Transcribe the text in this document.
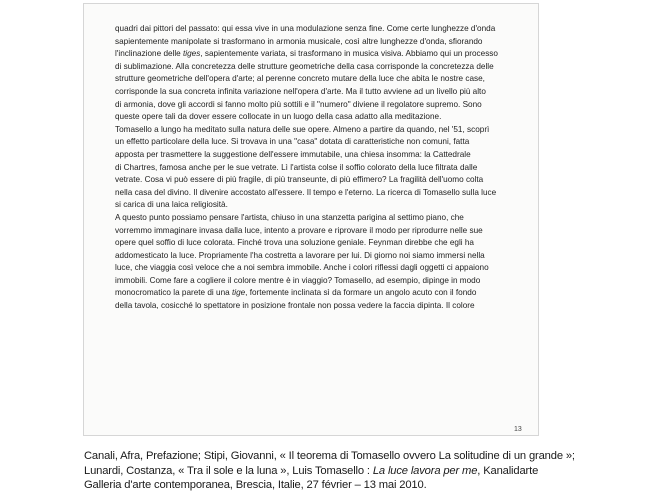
quadri dai pittori del passato: qui essa vive in una modulazione senza fine. Come certe lunghezze d'onda
sapientemente manipolate si trasformano in armonia musicale, così altre lunghezze d'onda, sfiorando
l'inclinazione delle tiges, sapientemente variata, si trasformano in musica visiva. Abbiamo qui un processo
di sublimazione. Alla concretezza delle strutture geometriche della casa corrisponde la concretezza delle
strutture geometriche dell'opera d'arte; al perenne concreto mutare della luce che abita le nostre case,
corrisponde la sua concreta infinita variazione nell'opera d'arte. Ma il tutto avviene ad un livello più alto
di armonia, dove gli accordi si fanno molto più sottili e il "numero" diviene il regolatore supremo. Sono
queste opere tali da dover essere collocate in un luogo della casa adatto alla meditazione.
Tomasello a lungo ha meditato sulla natura delle sue opere. Almeno a partire da quando, nel '51, scoprì
un effetto particolare della luce. Si trovava in una "casa" dotata di caratteristiche non comuni, fatta
apposta per trasmettere la suggestione dell'essere immutabile, una chiesa insomma: la Cattedrale
di Chartres, famosa anche per le sue vetrate. Lì l'artista colse il soffio colorato della luce filtrata dalle
vetrate. Cosa vi può essere di più fragile, di più transeunte, di più effimero? La fragilità dell'uomo colta
nella casa del divino. Il divenire accostato all'essere. Il tempo e l'eterno. La ricerca di Tomasello sulla luce
si carica di una laica religiosità.
A questo punto possiamo pensare l'artista, chiuso in una stanzetta parigina al settimo piano, che
vorremmo immaginare invasa dalla luce, intento a provare e riprovare il modo per riprodurre nelle sue
opere quel soffio di luce colorata. Finché trova una soluzione geniale. Feynman direbbe che egli ha
addomesticato la luce. Propriamente l'ha costretta a lavorare per lui. Di giorno noi siamo immersi nella
luce, che viaggia così veloce che a noi sembra immobile. Anche i colori riflessi dagli oggetti ci appaiono
immobili. Come fare a cogliere il colore mentre è in viaggio? Tomasello, ad esempio, dipinge in modo
monocromatico la parete di una tige, fortemente inclinata sì da formare un angolo acuto con il fondo
della tavola, cosicché lo spettatore in posizione frontale non possa vedere la faccia dipinta. Il colore
13
Canali, Afra, Prefazione; Stipi, Giovanni, « Il teorema di Tomasello ovvero La solitudine di un grande »;
Lunardi, Costanza, « Tra il sole e la luna », Luis Tomasello : La luce lavora per me, Kanalidarte
Galleria d'arte contemporanea, Brescia, Italie, 27 février – 13 mai 2010.
